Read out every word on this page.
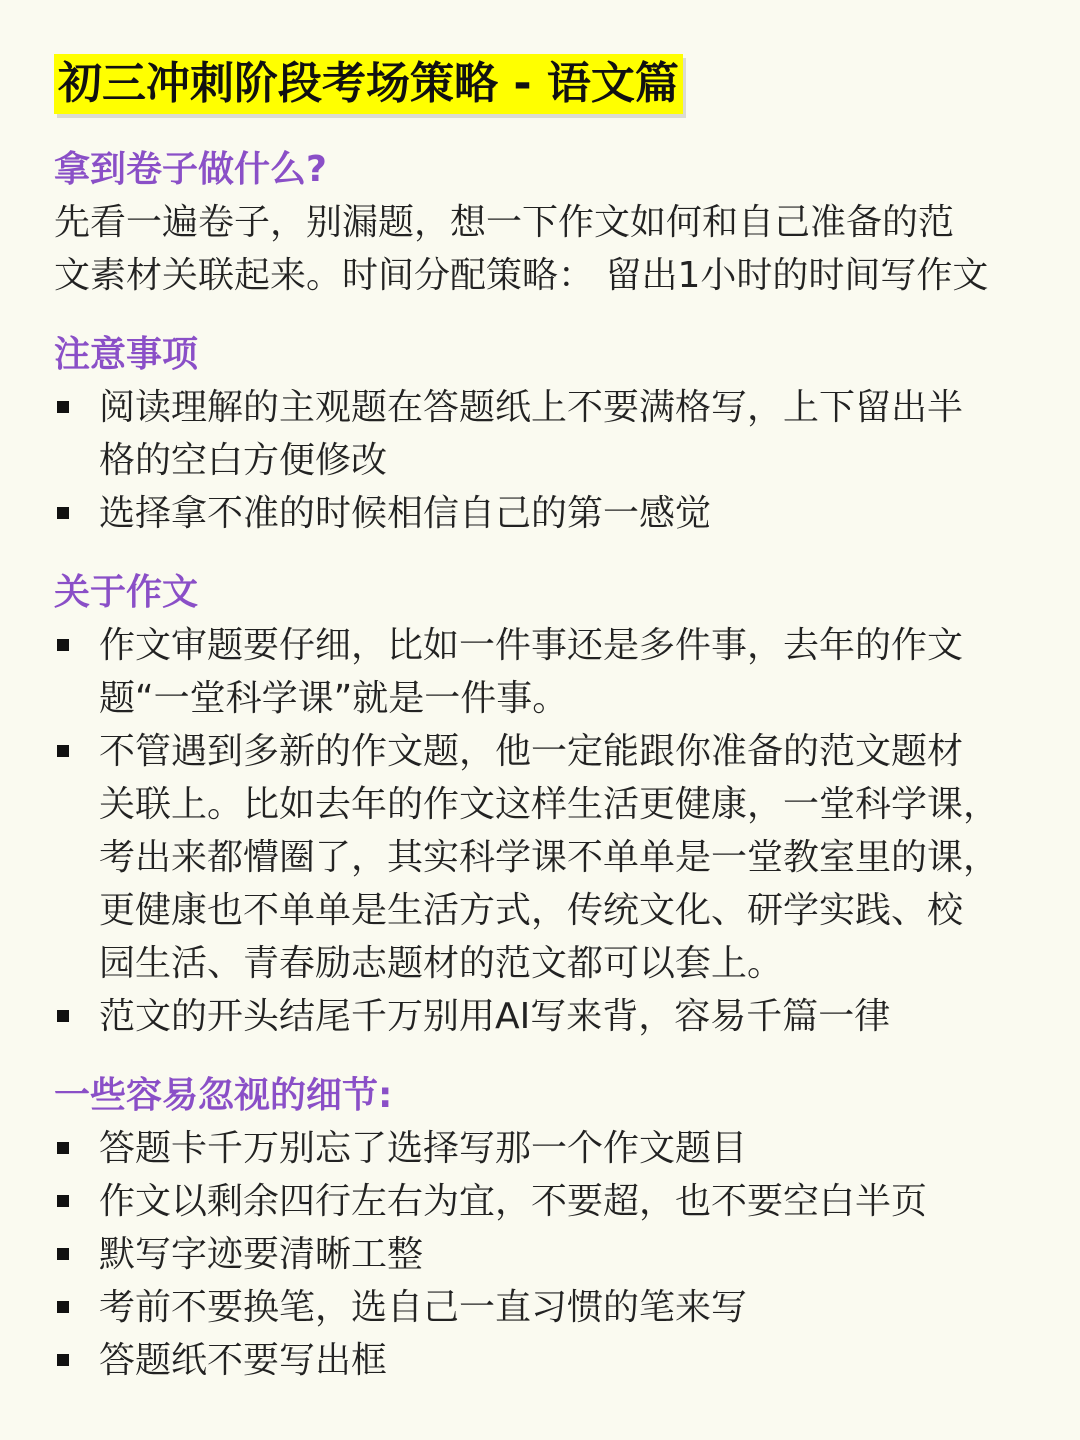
初三冲刺阶段考场策略 - 语文篇
拿到卷子做什么?

先看一遍卷子，别漏题，想一下作文如何和自己准备的范
文素材关联起来。时间分配策略： 留出1小时的时间写作文

注意事项
阅读理解的主观题在答题纸上不要满格写，上下留出半
格的空白方便修改
选择拿不准的时候相信自己的第一感觉
关于作文
作文审题要仔细，比如一件事还是多件事，去年的作文
题“一堂科学课”就是一件事。
不管遇到多新的作文题，他一定能跟你准备的范文题材
关联上。比如去年的作文这样生活更健康，一堂科学课，
考出来都懵圈了，其实科学课不单单是一堂教室里的课，
更健康也不单单是生活方式，传统文化、研学实践、校
园生活、青春励志题材的范文都可以套上。
范文的开头结尾千万别用AI写来背，容易千篇一律
一些容易忽视的细节:
答题卡千万别忘了选择写那一个作文题目
作文以剩余四行左右为宜，不要超，也不要空白半页
默写字迹要清晰工整
考前不要换笔，选自己一直习惯的笔来写
答题纸不要写出框
